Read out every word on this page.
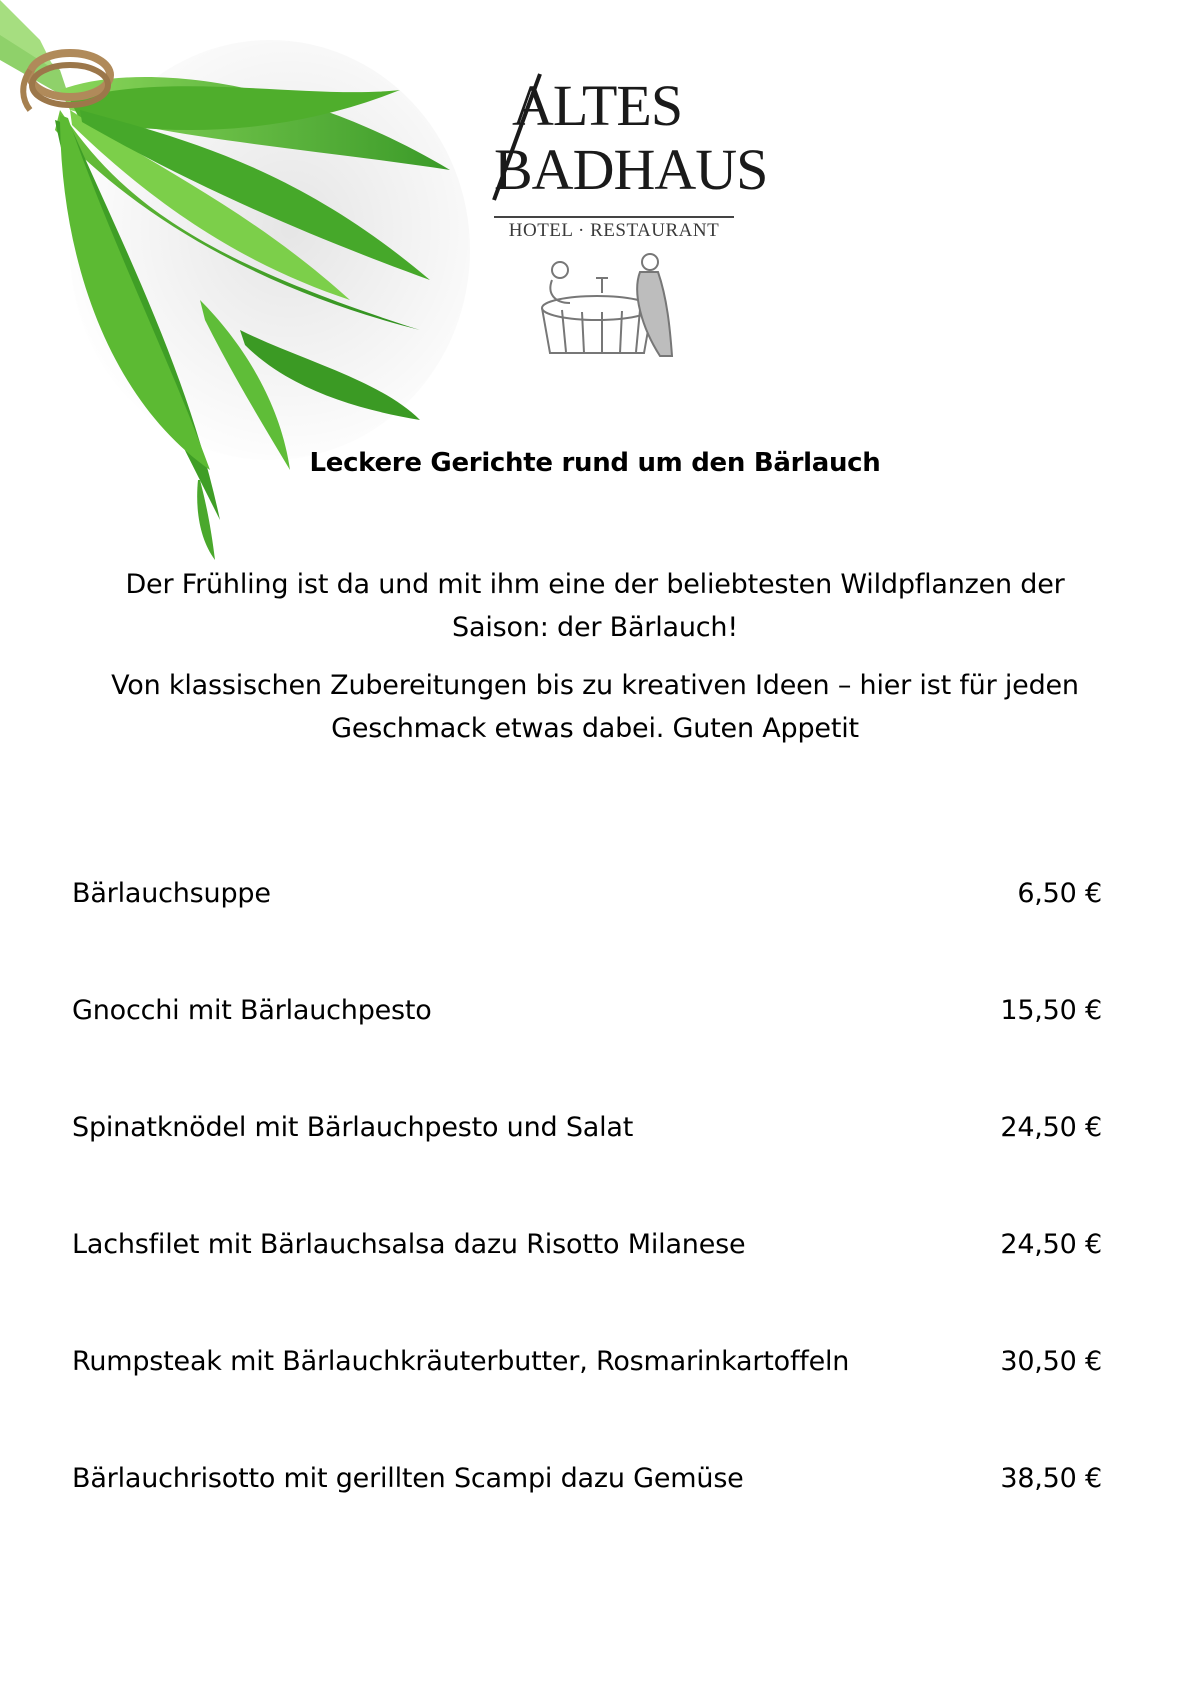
ALTES
BADHAUS
HOTEL · RESTAURANT
Leckere Gerichte rund um den Bärlauch

Der Frühling ist da und mit ihm eine der beliebtesten Wildpflanzen der Saison: der Bärlauch!

Von klassischen Zubereitungen bis zu kreativen Ideen – hier ist für jeden Geschmack etwas dabei. Guten Appetit

Bärlauchsuppe	6,50 €
Gnocchi mit Bärlauchpesto	15,50 €
Spinatknödel mit Bärlauchpesto und Salat	24,50 €
Lachsfilet mit Bärlauchsalsa dazu Risotto Milanese	24,50 €
Rumpsteak mit Bärlauchkräuterbutter, Rosmarinkartoffeln	30,50 €
Bärlauchrisotto mit gerillten Scampi dazu Gemüse	38,50 €
